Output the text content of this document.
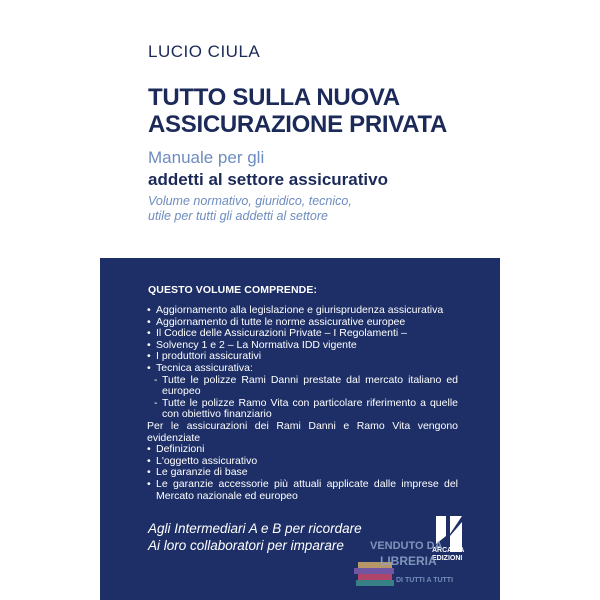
LUCIO CIULA
TUTTO SULLA NUOVA
ASSICURAZIONE PRIVATA
Manuale per gli
addetti al settore assicurativo
Volume normativo, giuridico, tecnico,
utile per tutti gli addetti al settore
QUESTO VOLUME COMPRENDE:
• Aggiornamento alla legislazione e giurisprudenza assicurativa
• Aggiornamento di tutte le norme assicurative europee
• Il Codice delle Assicurazioni Private – I Regolamenti –
• Solvency 1 e 2 – La Normativa IDD vigente
• I produttori assicurativi
• Tecnica assicurativa:
- Tutte le polizze Rami Danni prestate dal mercato italiano ed europeo
- Tutte le polizze Ramo Vita con particolare riferimento a quelle con obiettivo finanziario
Per le assicurazioni dei Rami Danni e Ramo Vita vengono evidenziate
• Definizioni
• L'oggetto assicurativo
• Le garanzie di base
• Le garanzie accessorie più attuali applicate dalle imprese del Mercato nazionale ed europeo
Agli Intermediari A e B per ricordare
Ai loro collaboratori per imparare	ARCADIA
EDIZIONI
VENDUTO DA
LIBRERIA
DI TUTTI A TUTTI
